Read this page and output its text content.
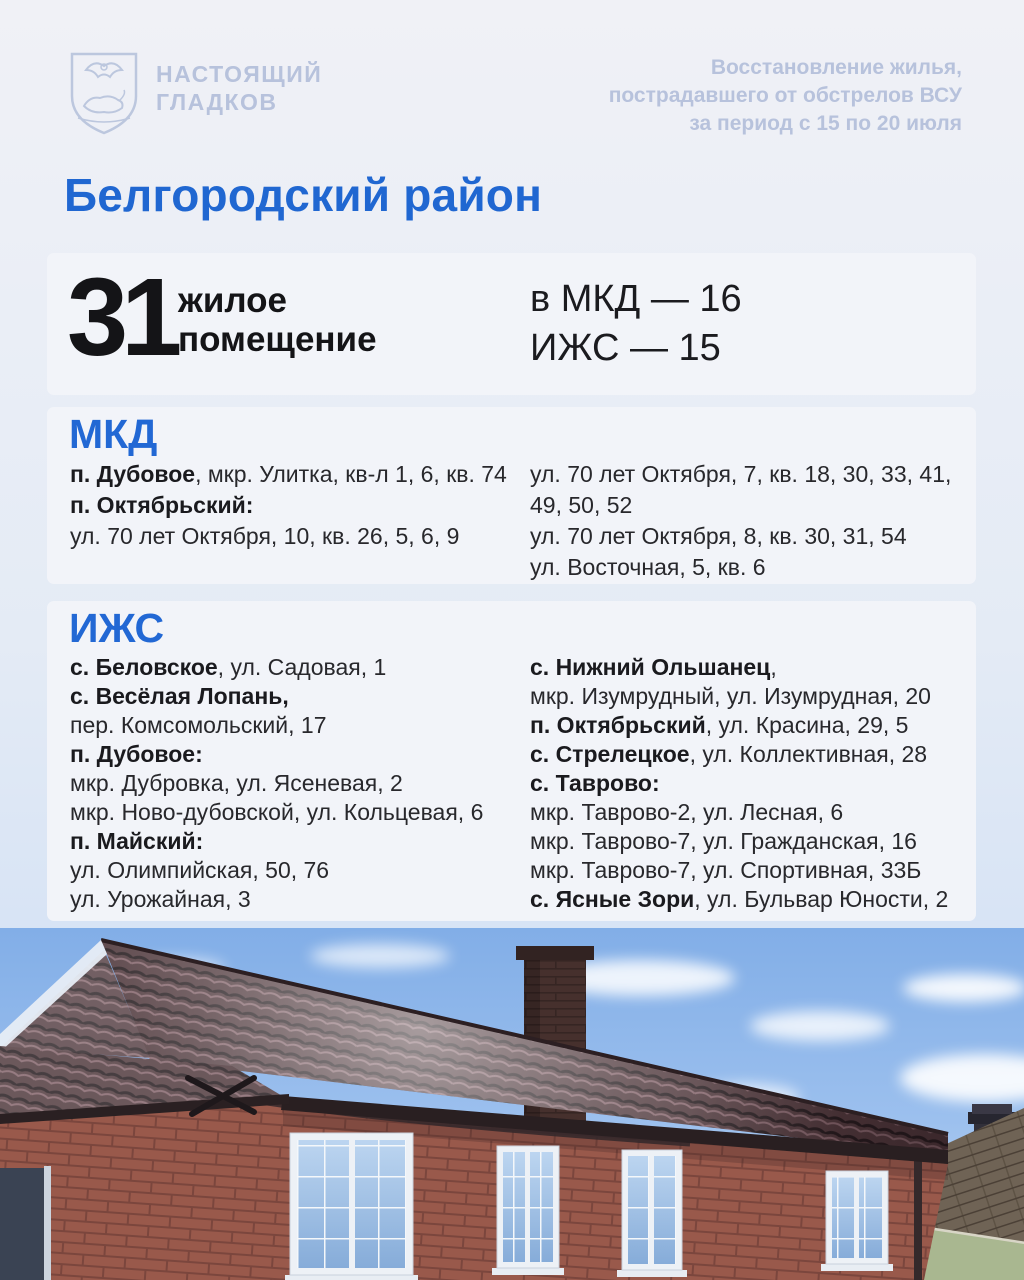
НАСТОЯЩИЙ
ГЛАДКОВ
Восстановление жилья,
пострадавшего от обстрелов ВСУ
за период с 15 по 20 июля
Белгородский район
31 жилое
помещение
в МКД — 16
ИЖС — 15
МКД
п. Дубовое, мкр. Улитка, кв-л 1, 6, кв. 74
п. Октябрьский:
ул. 70 лет Октября, 10, кв. 26, 5, 6, 9
ул. 70 лет Октября, 7, кв. 18, 30, 33, 41, 49, 50, 52
ул. 70 лет Октября, 8, кв. 30, 31, 54
ул. Восточная, 5, кв. 6
ИЖС
с. Беловское, ул. Садовая, 1
с. Весёлая Лопань,
пер. Комсомольский, 17
п. Дубовое:
мкр. Дубровка, ул. Ясеневая, 2
мкр. Ново-дубовской, ул. Кольцевая, 6
п. Майский:
ул. Олимпийская, 50, 76
ул. Урожайная, 3
с. Нижний Ольшанец,
мкр. Изумрудный, ул. Изумрудная, 20
п. Октябрьский, ул. Красина, 29, 5
с. Стрелецкое, ул. Коллективная, 28
с. Таврово:
мкр. Таврово-2, ул. Лесная, 6
мкр. Таврово-7, ул. Гражданская, 16
мкр. Таврово-7, ул. Спортивная, 33Б
с. Ясные Зори, ул. Бульвар Юности, 2
